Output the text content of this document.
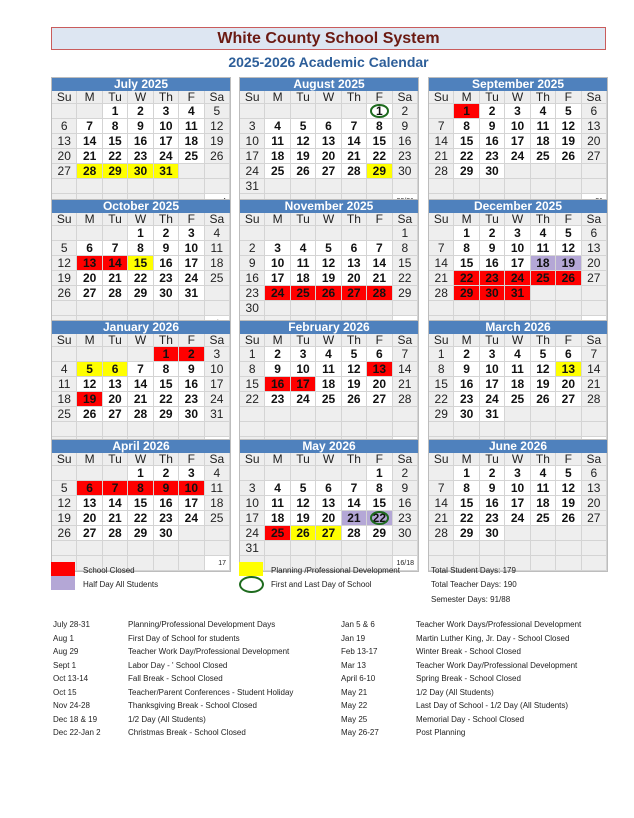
White County School System
2025-2026 Academic Calendar
July 2025
Su	M	Tu	W	Th	F	Sa
1	2	3	4	5
6	7	8	9	10	11	12
13	14	15	16	17	18	19
20	21	22	23	24	25	26
27	28	29	30	31
August 2025
Su	M	Tu	W	Th	F	Sa
1	2
3	4	5	6	7	8	9
10	11	12	13	14	15	16
17	18	19	20	21	22	23
24	25	26	27	28	29	30
31
September 2025
Su	M	Tu	W	Th	F	Sa
1	2	3	4	5	6
7	8	9	10	11	12	13
14	15	16	17	18	19	20
21	22	23	24	25	26	27
28	29	30
October 2025
Su	M	Tu	W	Th	F	Sa
1	2	3	4
5	6	7	8	9	10	11
12	13	14	15	16	17	18
19	20	21	22	23	24	25
26	27	28	29	30	31
November 2025
Su	M	Tu	W	Th	F	Sa
1
2	3	4	5	6	7	8
9	10	11	12	13	14	15
16	17	18	19	20	21	22
23	24	25	26	27	28	29
30
December 2025
Su	M	Tu	W	Th	F	Sa
1	2	3	4	5	6
7	8	9	10	11	12	13
14	15	16	17	18	19	20
21	22	23	24	25	26	27
28	29	30	31
January 2026
Su	M	Tu	W	Th	F	Sa
1	2	3
4	5	6	7	8	9	10
11	12	13	14	15	16	17
18	19	20	21	22	23	24
25	26	27	28	29	30	31
February 2026
Su	M	Tu	W	Th	F	Sa
1	2	3	4	5	6	7
8	9	10	11	12	13	14
15	16	17	18	19	20	21
22	23	24	25	26	27	28
March 2026
Su	M	Tu	W	Th	F	Sa
1	2	3	4	5	6	7
8	9	10	11	12	13	14
15	16	17	18	19	20	21
22	23	24	25	26	27	28
29	30	31
April 2026
Su	M	Tu	W	Th	F	Sa
1	2	3	4
5	6	7	8	9	10	11
12	13	14	15	16	17	18
19	20	21	22	23	24	25
26	27	28	29	30
17
May 2026
Su	M	Tu	W	Th	F	Sa
1	2
3	4	5	6	7	8	9
10	11	12	13	14	15	16
17	18	19	20	21	22	23
24	25	26	27	28	29	30
31
16/18
June 2026
Su	M	Tu	W	Th	F	Sa
1	2	3	4	5	6
7	8	9	10	11	12	13
14	15	16	17	18	19	20
21	22	23	24	25	26	27
28	29	30
School Closed
Half Day All Students
Planning /Professional Development
First and Last Day of School
Total Student Days: 179
Total Teacher Days: 190
Semester Days: 91/88
July 28-31	Planning/Professional Development Days
Aug 1	First Day of School for students
Aug 29	Teacher Work Day/Professional Development
Sept 1	Labor Day - ' School Closed
Oct 13-14	Fall Break - School Closed
Oct 15	Teacher/Parent Conferences - Student Holiday
Nov 24-28	Thanksgiving Break - School Closed
Dec 18 & 19	1/2 Day (All Students)
Dec 22-Jan 2	Christmas Break - School Closed
Jan 5 & 6	Teacher Work Days/Professional Development
Jan 19	Martin Luther King, Jr. Day - School Closed
Feb 13-17	Winter Break - School Closed
Mar 13	Teacher Work Day/Professional Development
April 6-10	Spring Break - School Closed
May 21	1/2 Day (All Students)
May 22	Last Day of School - 1/2 Day (All Students)
May 25	Memorial Day - School Closed
May 26-27	Post Planning
